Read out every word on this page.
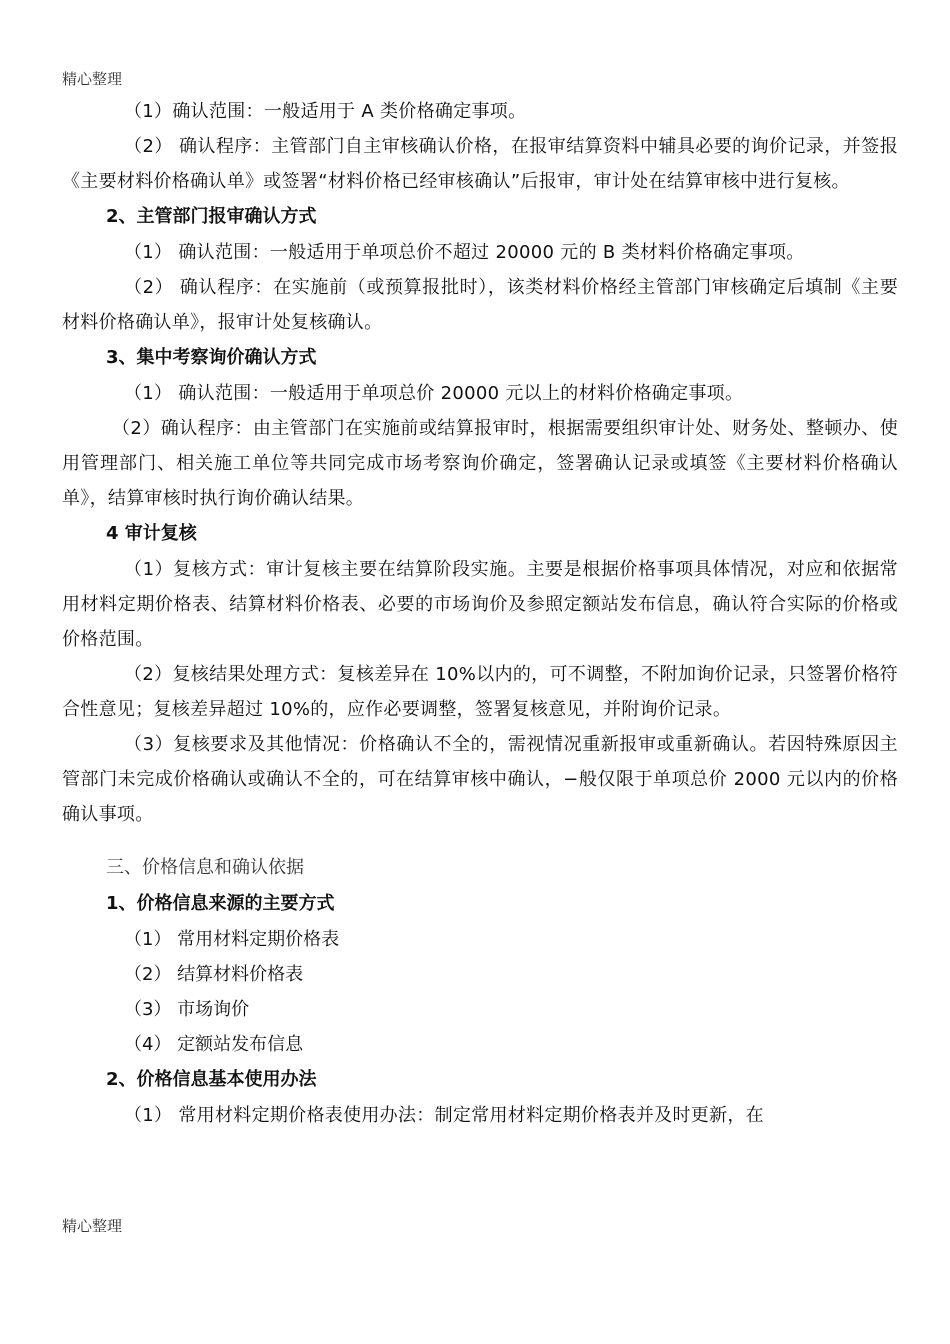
精心整理

（1）确认范围：一般适用于 A 类价格确定事项。

（2） 确认程序：主管部门自主审核确认价格，在报审结算资料中辅具必要的询价记录，并签报《主要材料价格确认单》或签署“材料价格已经审核确认”后报审，审计处在结算审核中进行复核。

2、主管部门报审确认方式

（1） 确认范围：一般适用于单项总价不超过 20000 元的 B 类材料价格确定事项。

（2） 确认程序：在实施前（或预算报批时），该类材料价格经主管部门审核确定后填制《主要材料价格确认单》，报审计处复核确认。

3、集中考察询价确认方式

（1） 确认范围：一般适用于单项总价 20000 元以上的材料价格确定事项。

（2）确认程序：由主管部门在实施前或结算报审时，根据需要组织审计处、财务处、整顿办、使用管理部门、相关施工单位等共同完成市场考察询价确定，签署确认记录或填签《主要材料价格确认单》，结算审核时执行询价确认结果。

4 审计复核

（1）复核方式：审计复核主要在结算阶段实施。主要是根据价格事项具体情况，对应和依据常用材料定期价格表、结算材料价格表、必要的市场询价及参照定额站发布信息，确认符合实际的价格或价格范围。

（2）复核结果处理方式：复核差异在 10%以内的，可不调整，不附加询价记录，只签署价格符合性意见；复核差异超过 10%的，应作必要调整，签署复核意见，并附询价记录。

（3）复核要求及其他情况：价格确认不全的，需视情况重新报审或重新确认。若因特殊原因主管部门未完成价格确认或确认不全的，可在结算审核中确认，−般仅限于单项总价 2000 元以内的价格确认事项。

三、价格信息和确认依据

1、价格信息来源的主要方式

（1） 常用材料定期价格表

（2） 结算材料价格表

（3） 市场询价

（4） 定额站发布信息

2、价格信息基本使用办法

（1） 常用材料定期价格表使用办法：制定常用材料定期价格表并及时更新，在

精心整理
